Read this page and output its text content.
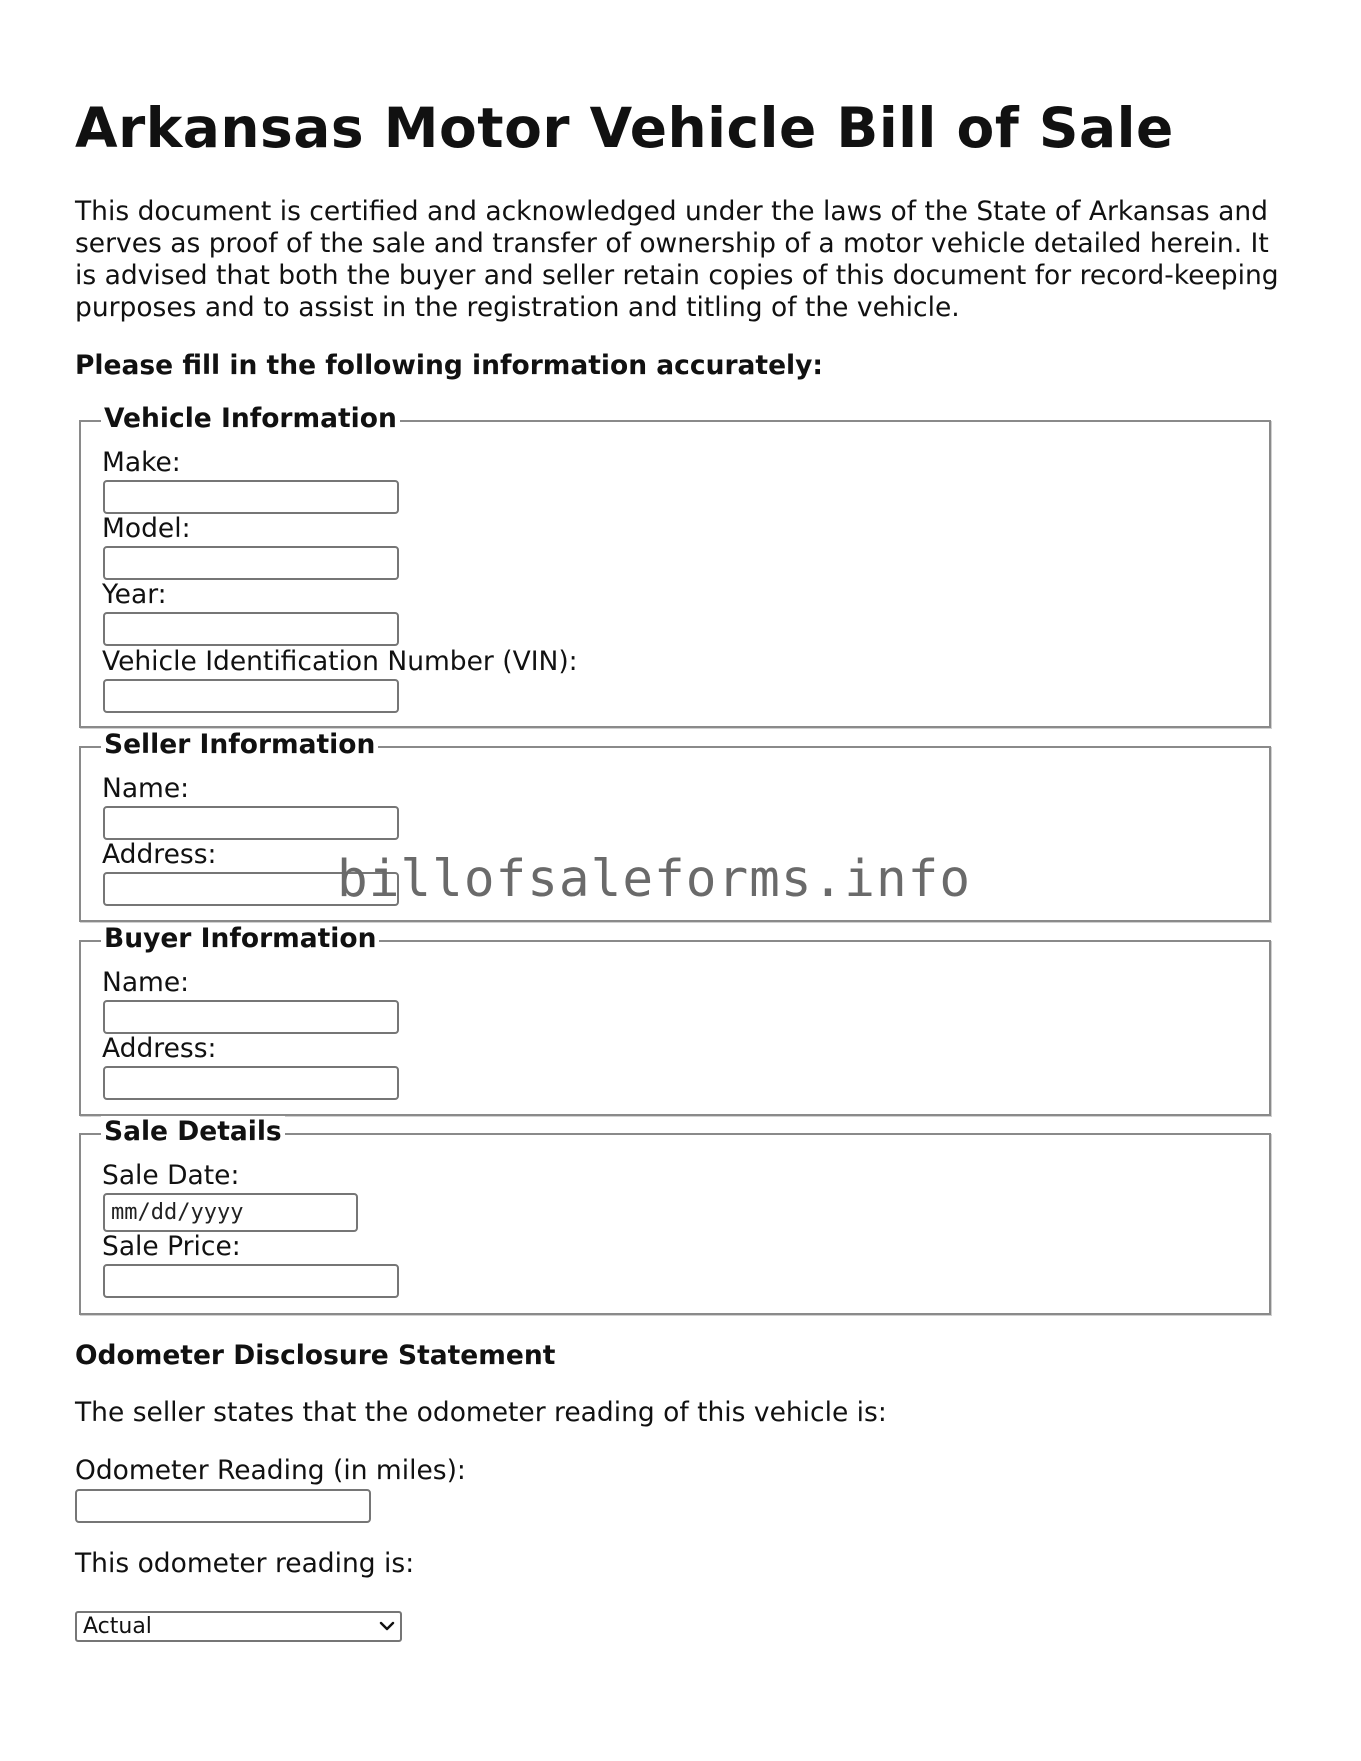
Arkansas Motor Vehicle Bill of Sale

This document is certified and acknowledged under the laws of the State of Arkansas and serves as proof of the sale and transfer of ownership of a motor vehicle detailed herein. It is advised that both the buyer and seller retain copies of this document for record-keeping purposes and to assist in the registration and titling of the vehicle.

Please fill in the following information accurately:

Vehicle Information
Make:
Model:
Year:
Vehicle Identification Number (VIN):
Seller Information
Name:
Address:
Buyer Information
Name:
Address:
Sale Details
Sale Date:
mm/dd/yyyy
Sale Price:

Odometer Disclosure Statement

The seller states that the odometer reading of this vehicle is:

Odometer Reading (in miles):

This odometer reading is:

Actual
billofsaleforms.info
